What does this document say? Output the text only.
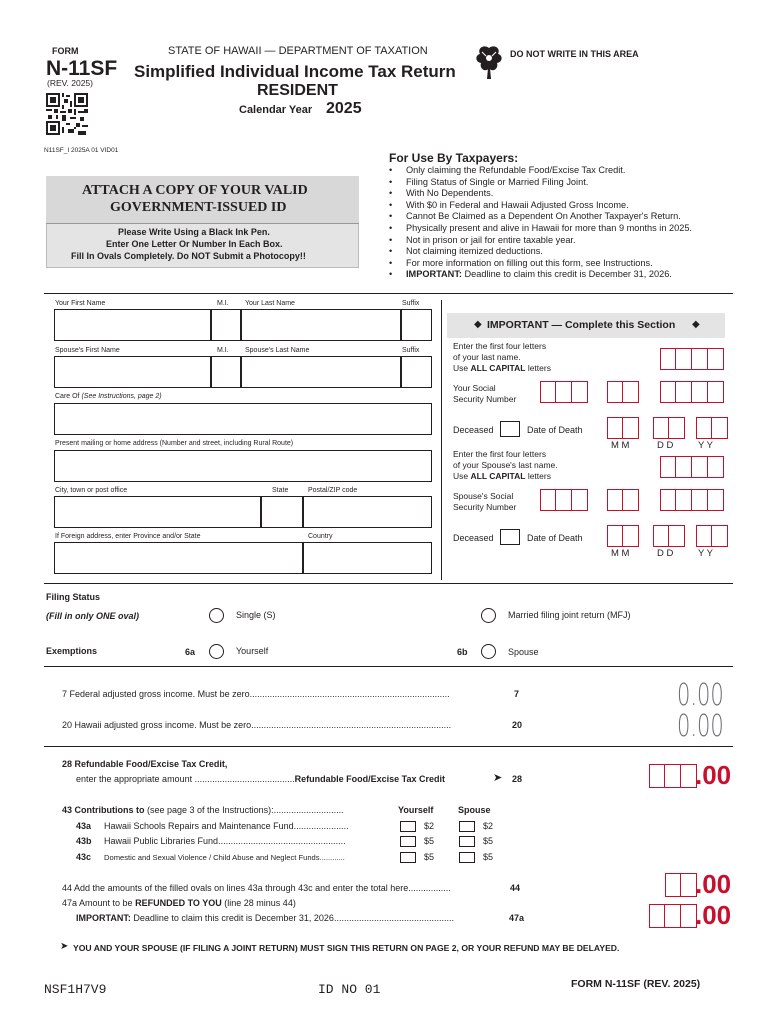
FORM
N-11SF
(REV. 2025)
STATE OF HAWAII — DEPARTMENT OF TAXATION
Simplified Individual Income Tax Return
RESIDENT
Calendar Year 2025
DO NOT WRITE IN THIS AREA
N11SF_I 2025A 01 VID01
ATTACH A COPY OF YOUR VALID
GOVERNMENT-ISSUED ID
Please Write Using a Black Ink Pen.
Enter One Letter Or Number In Each Box.
Fill In Ovals Completely. Do NOT Submit a Photocopy!!
For Use By Taxpayers:
• Only claiming the Refundable Food/Excise Tax Credit.
• Filing Status of Single or Married Filing Joint.
• With No Dependents.
• With $0 in Federal and Hawaii Adjusted Gross Income.
• Cannot Be Claimed as a Dependent On Another Taxpayer's Return.
• Physically present and alive in Hawaii for more than 9 months in 2025.
• Not in prison or jail for entire taxable year.
• Not claiming itemized deductions.
• For more information on filling out this form, see Instructions.
• IMPORTANT: Deadline to claim this credit is December 31, 2026.
Your First Name	M.I. Your Last Name	Suffix
Spouse's First Name	M.I. Spouse's Last Name	Suffix
Care Of (See Instructions, page 2)
Present mailing or home address (Number and street, including Rural Route)
City, town or post office	State	Postal/ZIP code
If Foreign address, enter Province and/or State	Country
◆ IMPORTANT — Complete this Section ◆
Enter the first four letters
of your last name.
Use ALL CAPITAL letters
Your Social
Security Number
Deceased	Date of Death
M M	D D	Y Y
Enter the first four letters
of your Spouse's last name.
Use ALL CAPITAL letters
Spouse's Social
Security Number
Deceased	Date of Death
M M	D D	Y Y
Filing Status
(Fill in only ONE oval)	Single (S)	Married filing joint return (MFJ)
Exemptions	6a	Yourself	6b	Spouse
7 Federal adjusted gross income. Must be zero................................................................................	7	0.00
20 Hawaii adjusted gross income. Must be zero................................................................................	20	0.00
28 Refundable Food/Excise Tax Credit,
enter the appropriate amount ........................................Refundable Food/Excise Tax Credit	➤ 28	.00
43 Contributions to (see page 3 of the Instructions):............................	Yourself	Spouse
43a Hawaii Schools Repairs and Maintenance Fund......................	$2	$2
43b Hawaii Public Libraries Fund...................................................	$5	$5
43c Domestic and Sexual Violence / Child Abuse and Neglect Funds............	$5	$5
44 Add the amounts of the filled ovals on lines 43a through 43c and enter the total here.................	44	.00
47a Amount to be REFUNDED TO YOU (line 28 minus 44)
IMPORTANT: Deadline to claim this credit is December 31, 2026................................................	47a	.00
➤ YOU AND YOUR SPOUSE (IF FILING A JOINT RETURN) MUST SIGN THIS RETURN ON PAGE 2, OR YOUR REFUND MAY BE DELAYED.
NSF1H7V9	ID NO 01	FORM N-11SF (REV. 2025)
